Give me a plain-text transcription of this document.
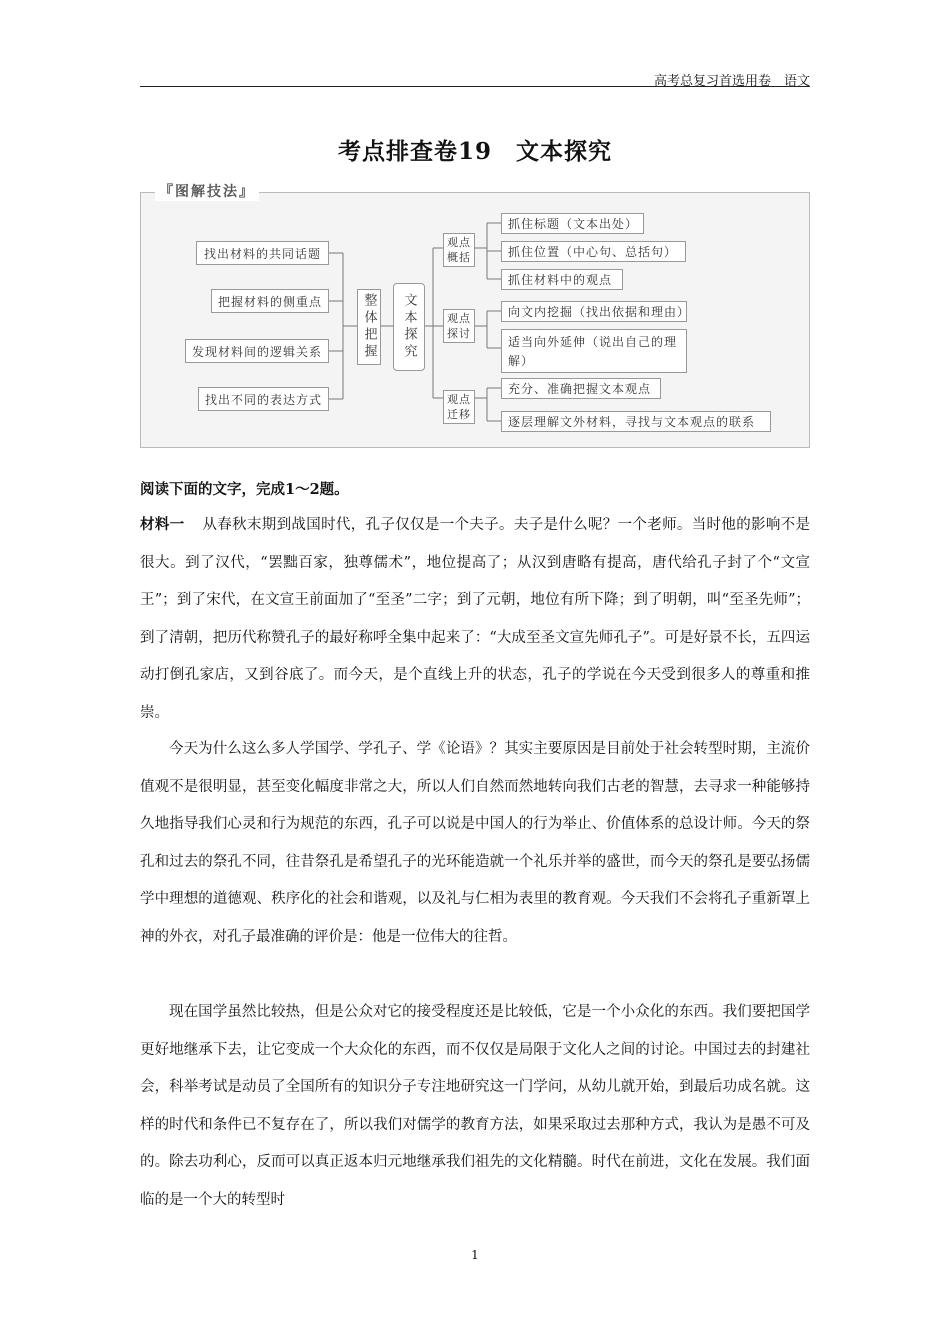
高考总复习首选用卷　语文
考点排查卷19　文本探究
『图解技法』
找出材料的共同话题
把握材料的侧重点
发现材料间的逻辑关系
找出不同的表达方式
整体把握	文本探究
观点概括
观点探讨
观点迁移
抓住标题（文本出处）
抓住位置（中心句、总括句）
抓住材料中的观点
向文内挖掘（找出依据和理由）
适当向外延伸（说出自己的理解）
充分、准确把握文本观点
逐层理解文外材料，寻找与文本观点的联系
阅读下面的文字，完成1～2题。
材料一 从春秋末期到战国时代，孔子仅仅是一个夫子。夫子是什么呢？一个老师。当时他的影响不是很大。到了汉代，“罢黜百家，独尊儒术”，地位提高了；从汉到唐略有提高，唐代给孔子封了个“文宣王”；到了宋代，在文宣王前面加了“至圣”二字；到了元朝，地位有所下降；到了明朝，叫“至圣先师”；到了清朝，把历代称赞孔子的最好称呼全集中起来了：“大成至圣文宣先师孔子”。可是好景不长，五四运动打倒孔家店，又到谷底了。而今天，是个直线上升的状态，孔子的学说在今天受到很多人的尊重和推崇。
今天为什么这么多人学国学、学孔子、学《论语》？其实主要原因是目前处于社会转型时期，主流价值观不是很明显，甚至变化幅度非常之大，所以人们自然而然地转向我们古老的智慧，去寻求一种能够持久地指导我们心灵和行为规范的东西，孔子可以说是中国人的行为举止、价值体系的总设计师。今天的祭孔和过去的祭孔不同，往昔祭孔是希望孔子的光环能造就一个礼乐并举的盛世，而今天的祭孔是要弘扬儒学中理想的道德观、秩序化的社会和谐观，以及礼与仁相为表里的教育观。今天我们不会将孔子重新罩上神的外衣，对孔子最准确的评价是：他是一位伟大的往哲。
现在国学虽然比较热，但是公众对它的接受程度还是比较低，它是一个小众化的东西。我们要把国学更好地继承下去，让它变成一个大众化的东西，而不仅仅是局限于文化人之间的讨论。中国过去的封建社会，科举考试是动员了全国所有的知识分子专注地研究这一门学问，从幼儿就开始，到最后功成名就。这样的时代和条件已不复存在了，所以我们对儒学的教育方法，如果采取过去那种方式，我认为是愚不可及的。除去功利心，反而可以真正返本归元地继承我们祖先的文化精髓。时代在前进，文化在发展。我们面临的是一个大的转型时
1
